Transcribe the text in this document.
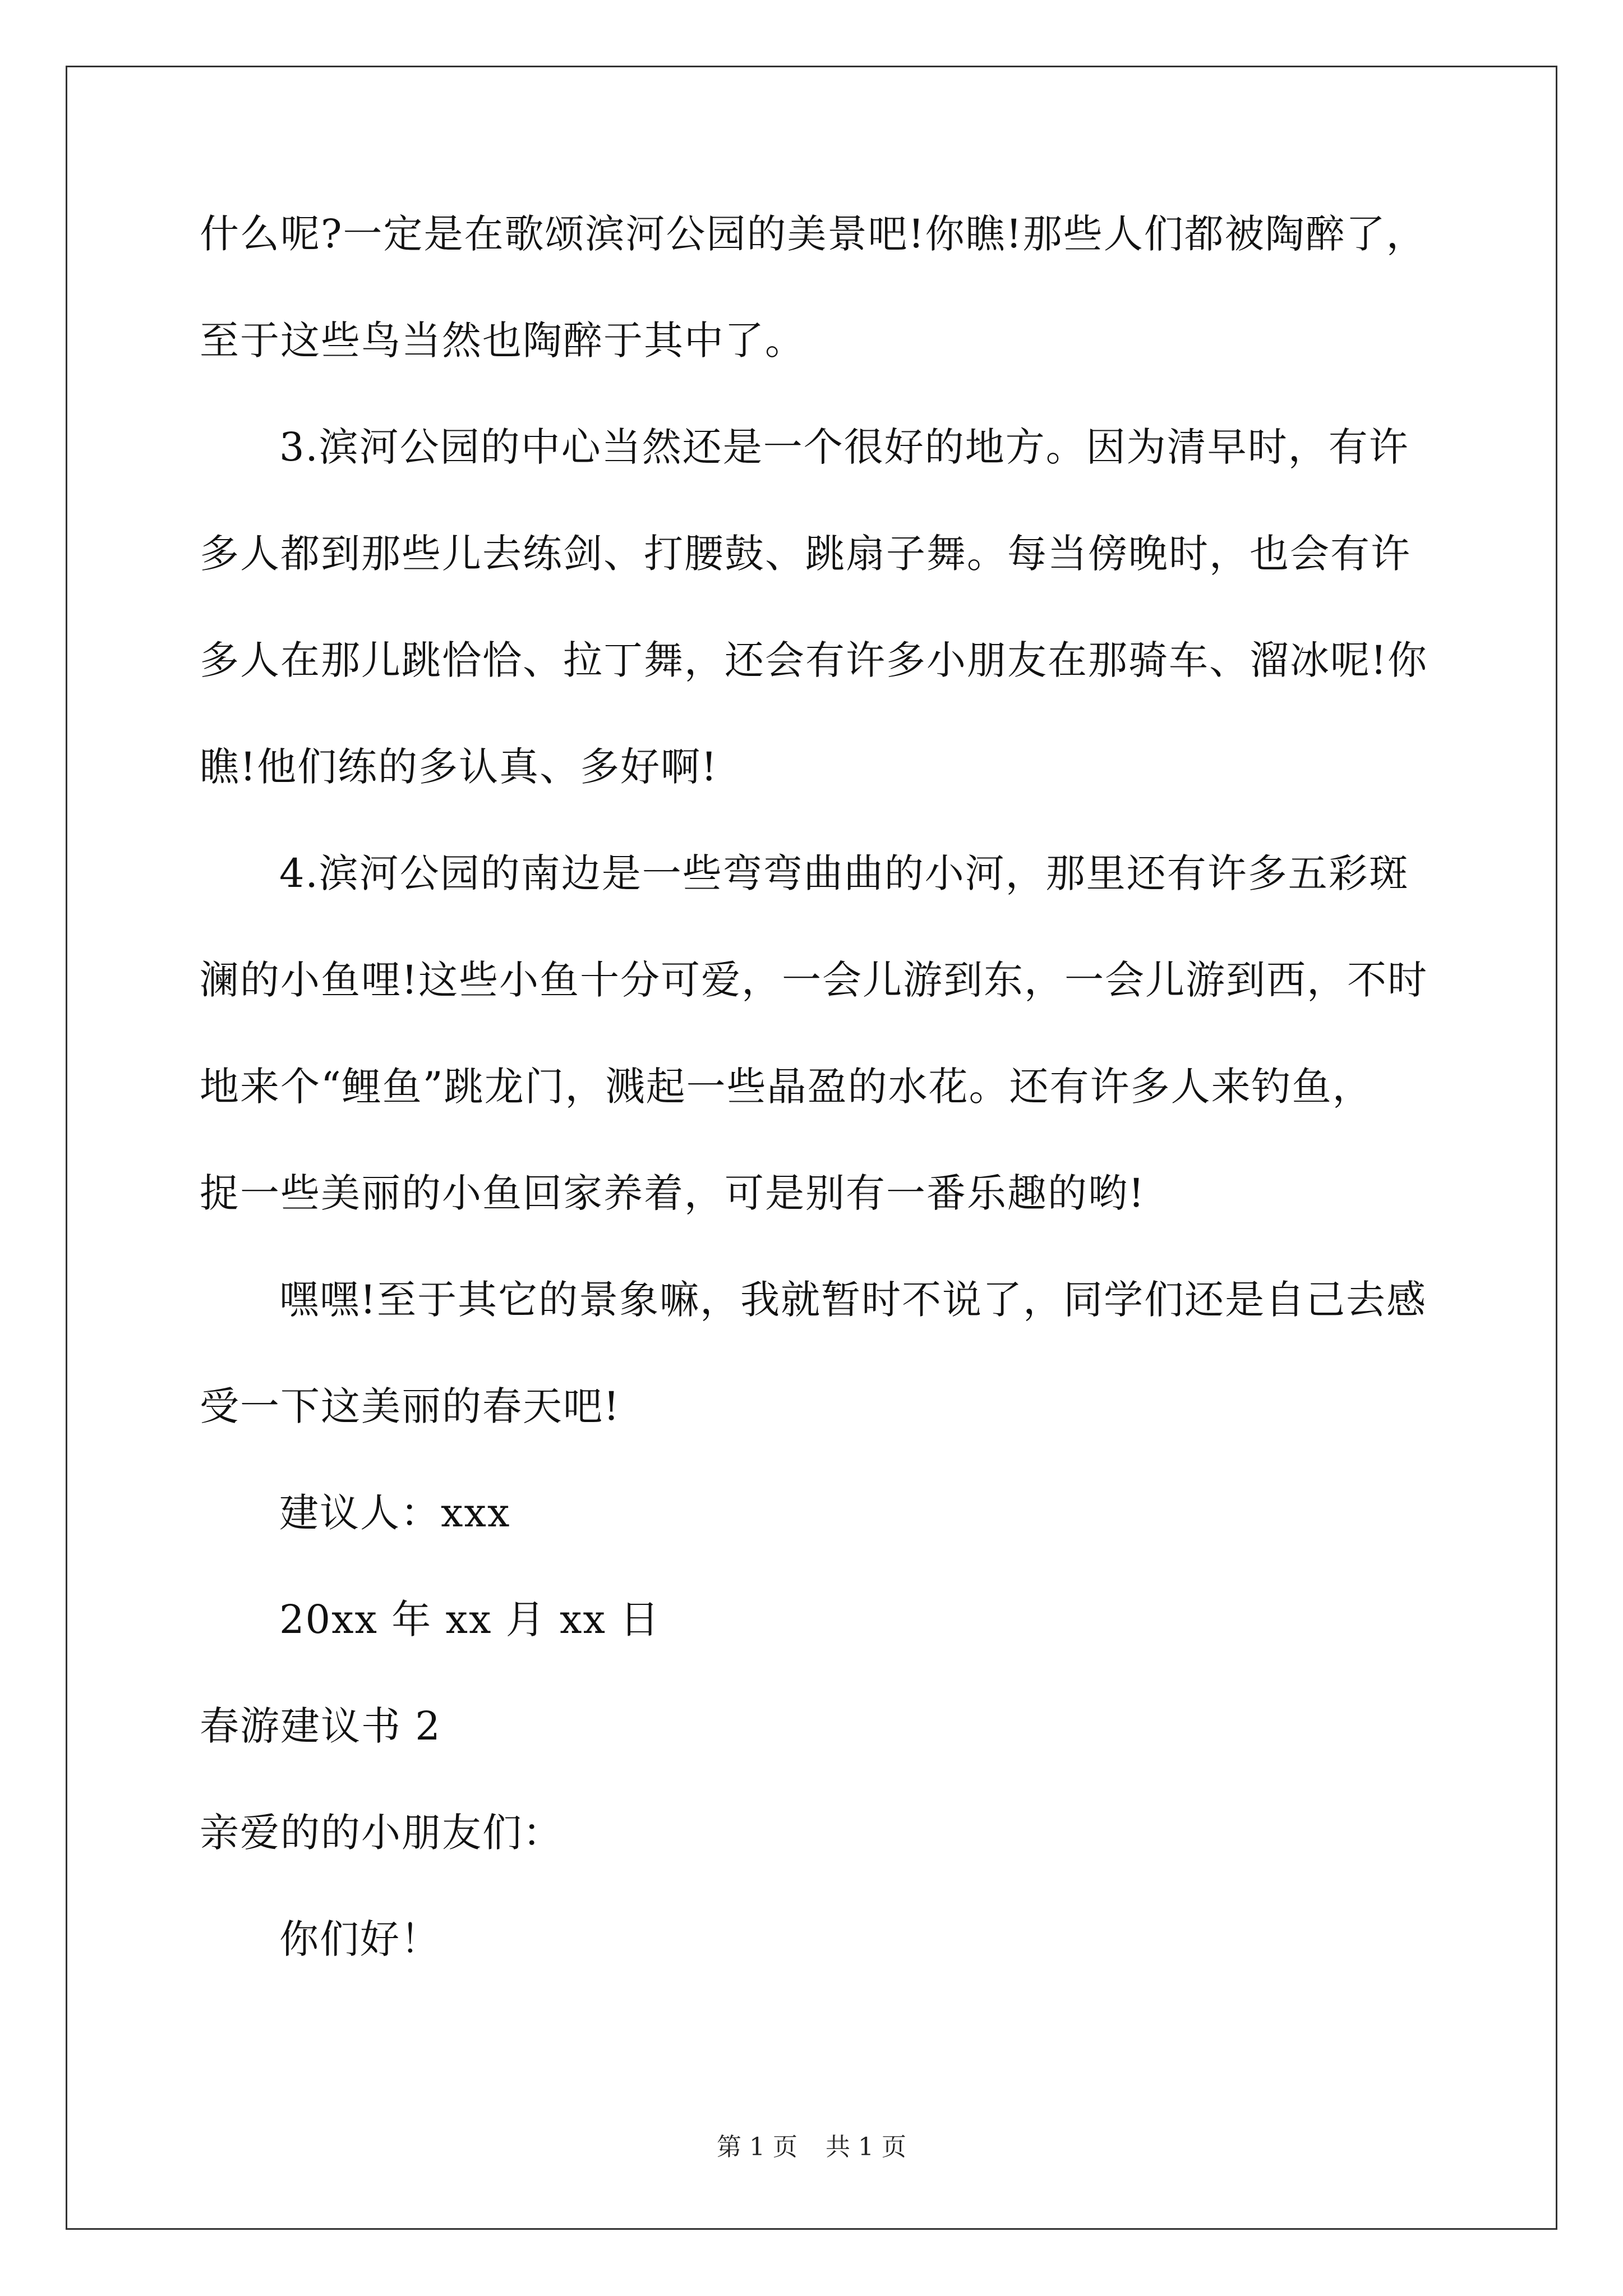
什么呢?一定是在歌颂滨河公园的美景吧!你瞧!那些人们都被陶醉了，
至于这些鸟当然也陶醉于其中了。
3.滨河公园的中心当然还是一个很好的地方。因为清早时，有许
多人都到那些儿去练剑、打腰鼓、跳扇子舞。每当傍晚时，也会有许
多人在那儿跳恰恰、拉丁舞，还会有许多小朋友在那骑车、溜冰呢!你
瞧!他们练的多认真、多好啊!
4.滨河公园的南边是一些弯弯曲曲的小河，那里还有许多五彩斑
澜的小鱼哩!这些小鱼十分可爱，一会儿游到东，一会儿游到西，不时
地来个“鲤鱼”跳龙门，溅起一些晶盈的水花。还有许多人来钓鱼，
捉一些美丽的小鱼回家养着，可是别有一番乐趣的哟!
嘿嘿!至于其它的景象嘛，我就暂时不说了，同学们还是自己去感
受一下这美丽的春天吧!
建议人：xxx
20xx 年 xx 月 xx 日
春游建议书 2
亲爱的的小朋友们：
你们好！
第 1 页 共 1 页
